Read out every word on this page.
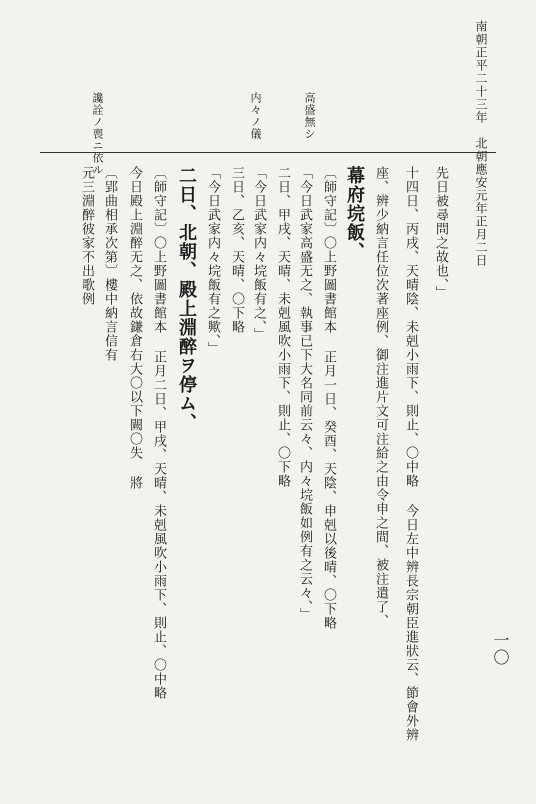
南朝正平二十三年　北朝應安元年正月二日
一〇
高盛無シ
内々ノ儀
讒詮ノ喪ニ依ル
先日被尋問之故也、」
十四日、丙戌、天晴陰、未剋小雨下、則止、〇中略 今日左中辨長宗朝臣進狀云、節會外辨
座、辨少納言任位次著座例、御注進片文可注給之由令申之間、被注遣了、
幕府垸飯、
〔師守記〕〇上野圖書館本 正月一日、癸酉、天陰、申剋以後晴、〇下略
「今日武家高盛无之、執事已下大名同前云々、内々垸飯如例有之云々、」
二日、甲戌、天晴、未剋風吹小雨下、則止、〇下略
「今日武家内々垸飯有之、」
三日、乙亥、天晴、〇下略
「今日武家内々垸飯有之歟、」
二日、北朝、殿上淵醉ヲ停ム、
〔師守記〕〇上野圖書館本 正月二日、甲戌、天晴、未剋風吹小雨下、則止、〇中略
今日殿上淵醉无之、依故鎌倉右大〇以下闕〇失 將
〔郢曲相承次第〕樓中納言信有
元三淵醉彼家不出歌例
